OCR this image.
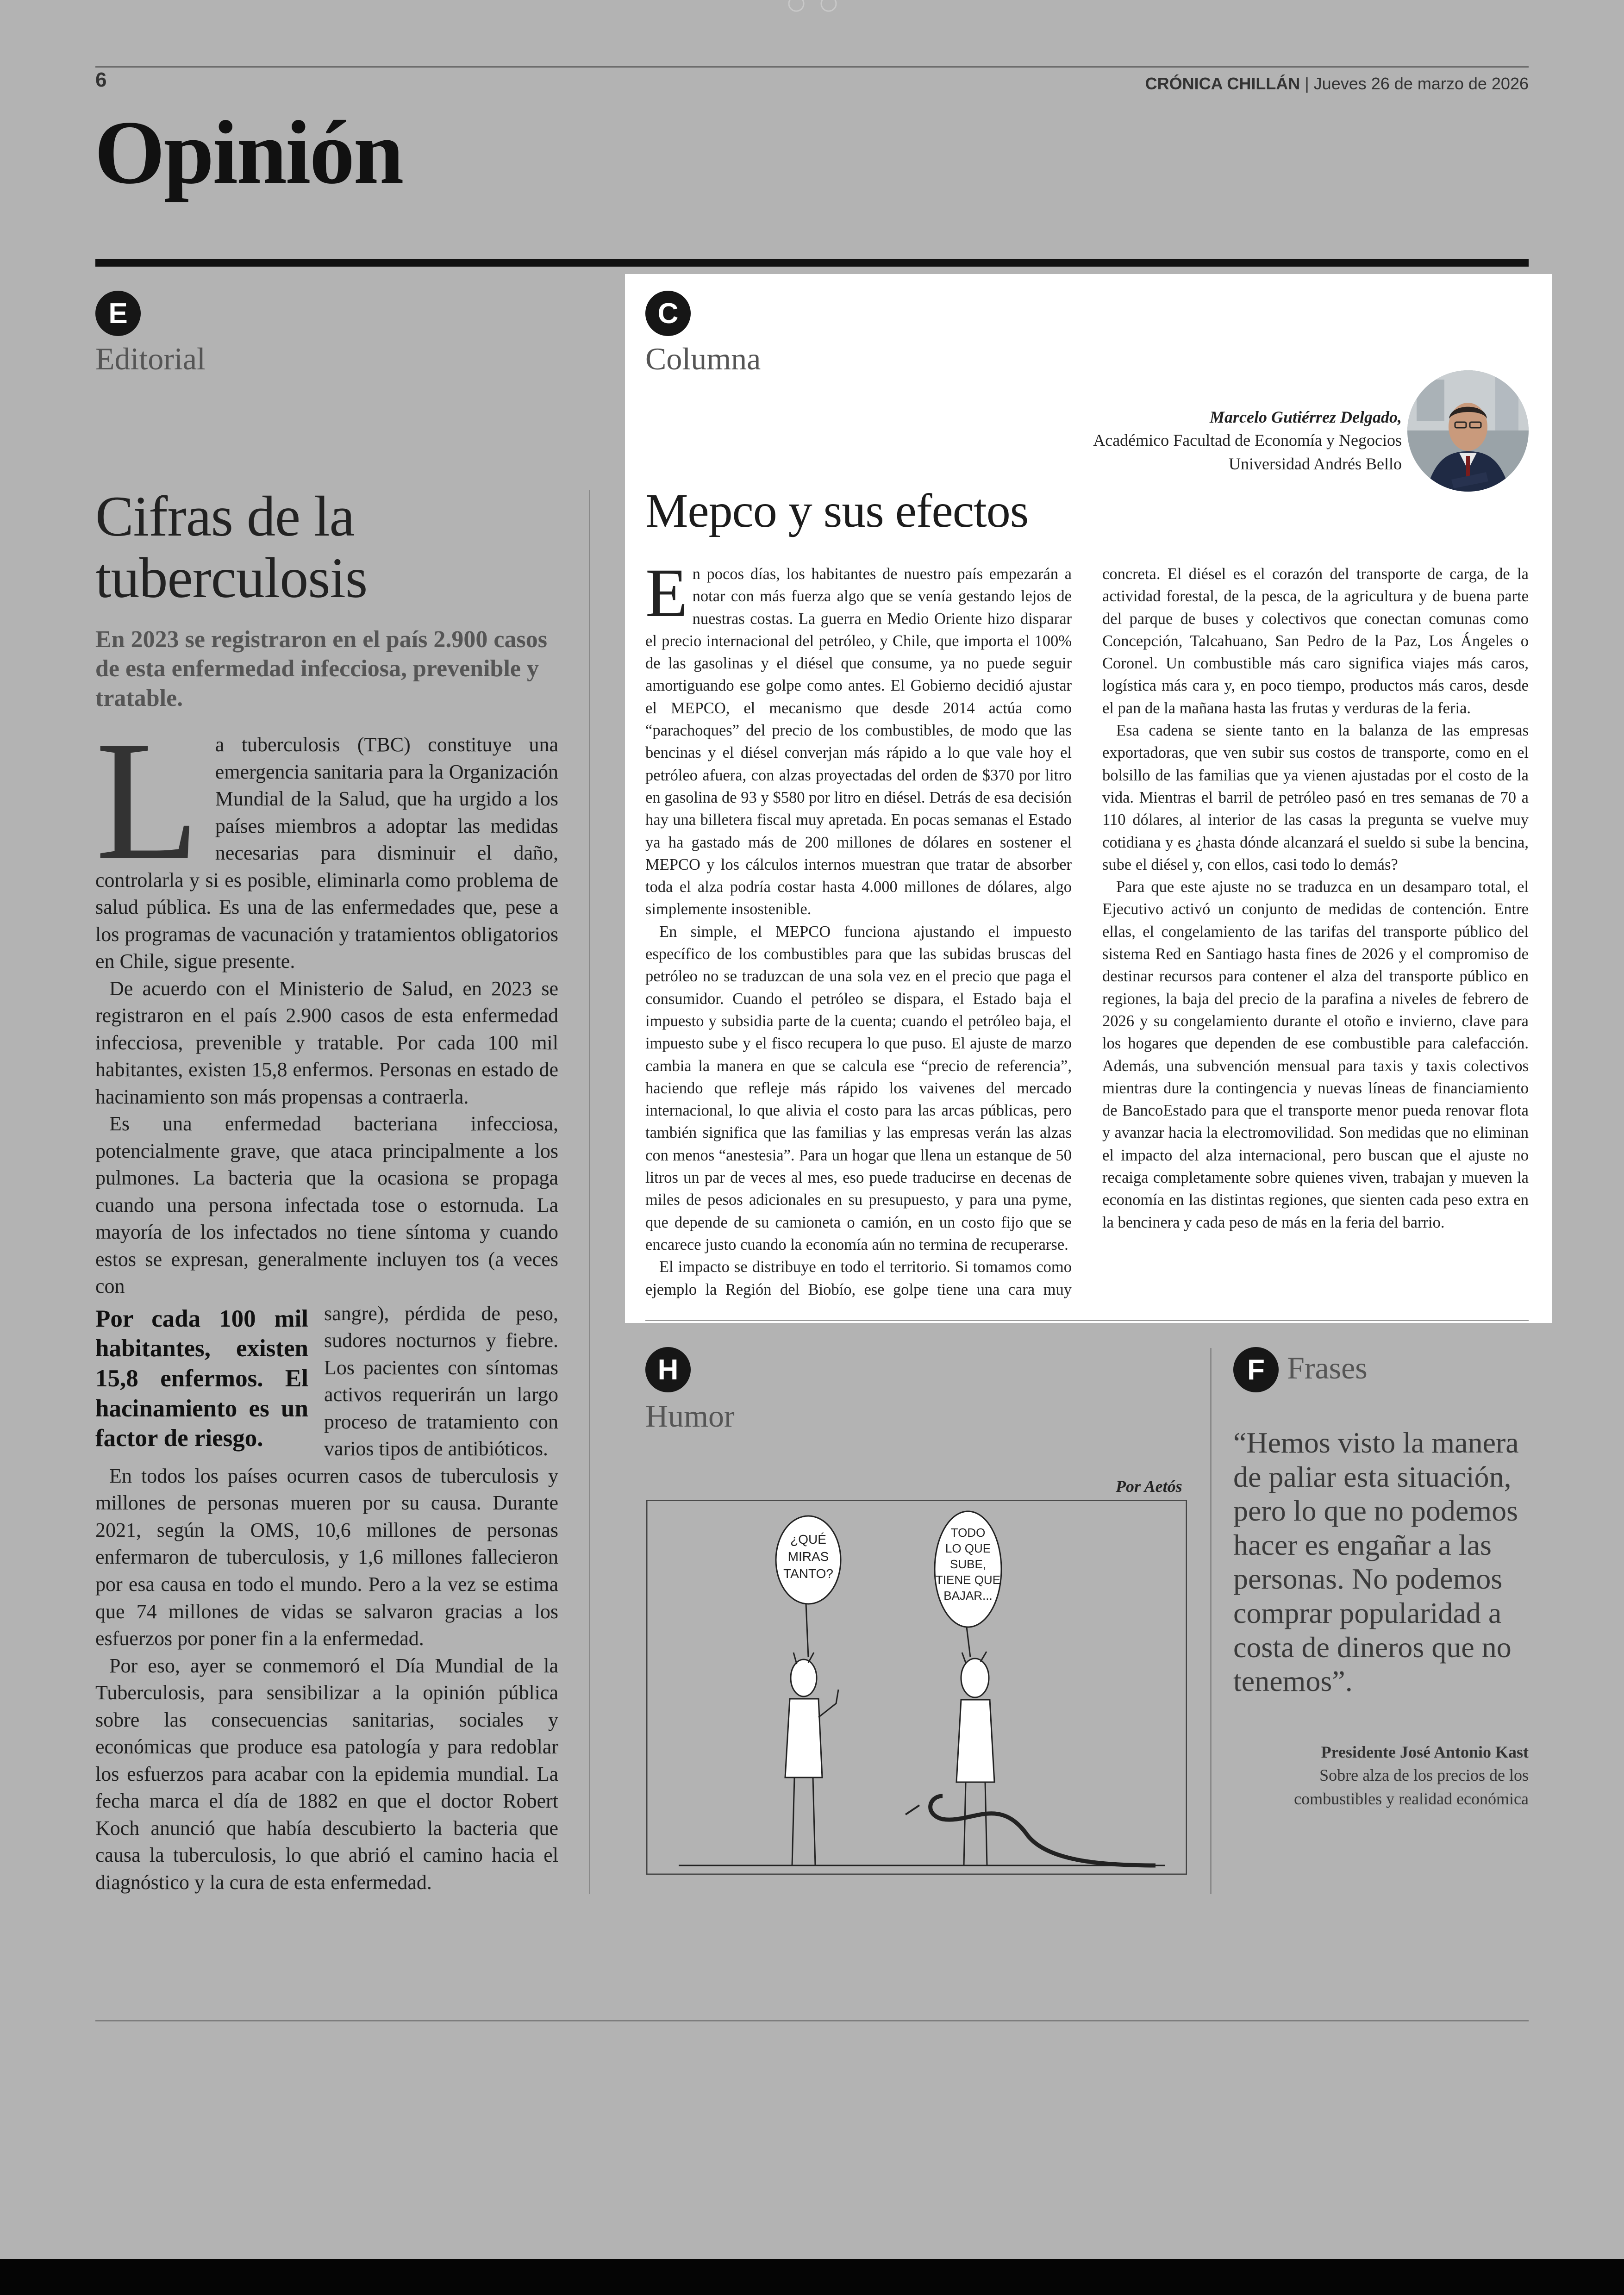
6	CRÓNICA CHILLÁN | Jueves 26 de marzo de 2026
Opinión
E
Editorial
Cifras de la tuberculosis
En 2023 se registraron en el país 2.900 casos de esta enfermedad infecciosa, prevenible y tratable.

La tuberculosis (TBC) constituye una emergencia sanitaria para la Organización Mundial de la Salud, que ha urgido a los países miembros a adoptar las medidas necesarias para disminuir el daño, controlarla y si es posible, eliminarla como problema de salud pública. Es una de las enfermedades que, pese a los programas de vacunación y tratamientos obligatorios en Chile, sigue presente.

De acuerdo con el Ministerio de Salud, en 2023 se registraron en el país 2.900 casos de esta enfermedad infecciosa, prevenible y tratable. Por cada 100 mil habitantes, existen 15,8 enfermos. Personas en estado de hacinamiento son más propensas a contraerla.

Es una enfermedad bacteriana infecciosa, potencialmente grave, que ataca principalmente a los pulmones. La bacteria que la ocasiona se propaga cuando una persona infectada tose o estornuda. La mayoría de los infectados no tiene síntoma y cuando estos se expresan, generalmente incluyen tos (a veces con

Por cada 100 mil habitantes, existen 15,8 enfermos. El hacinamiento es un factor de riesgo.
sangre), pérdida de peso, sudores nocturnos y fiebre. Los pacientes con síntomas activos requerirán un largo proceso de tratamiento con varios tipos de antibióticos.

En todos los países ocurren casos de tuberculosis y millones de personas mueren por su causa. Durante 2021, según la OMS, 10,6 millones de personas enfermaron de tuberculosis, y 1,6 millones fallecieron por esa causa en todo el mundo. Pero a la vez se estima que 74 millones de vidas se salvaron gracias a los esfuerzos por poner fin a la enfermedad.

Por eso, ayer se conmemoró el Día Mundial de la Tuberculosis, para sensibilizar a la opinión pública sobre las consecuencias sanitarias, sociales y económicas que produce esa patología y para redoblar los esfuerzos para acabar con la epidemia mundial. La fecha marca el día de 1882 en que el doctor Robert Koch anunció que había descubierto la bacteria que causa la tuberculosis, lo que abrió el camino hacia el diagnóstico y la cura de esta enfermedad.

C
Columna
Marcelo Gutiérrez Delgado,
Académico Facultad de Economía y Negocios
Universidad Andrés Bello
Mepco y sus efectos

En pocos días, los habitantes de nuestro país empezarán a notar con más fuerza algo que se venía gestando lejos de nuestras costas. La guerra en Medio Oriente hizo disparar el precio internacional del petróleo, y Chile, que importa el 100% de las gasolinas y el diésel que consume, ya no puede seguir amortiguando ese golpe como antes. El Gobierno decidió ajustar el MEPCO, el mecanismo que desde 2014 actúa como “parachoques” del precio de los combustibles, de modo que las bencinas y el diésel converjan más rápido a lo que vale hoy el petróleo afuera, con alzas proyectadas del orden de $370 por litro en gasolina de 93 y $580 por litro en diésel. Detrás de esa decisión hay una billetera fiscal muy apretada. En pocas semanas el Estado ya ha gastado más de 200 millones de dólares en sostener el MEPCO y los cálculos internos muestran que tratar de absorber toda el alza podría costar hasta 4.000 millones de dólares, algo simplemente insostenible.

En simple, el MEPCO funciona ajustando el impuesto específico de los combustibles para que las subidas bruscas del petróleo no se traduzcan de una sola vez en el precio que paga el consumidor. Cuando el petróleo se dispara, el Estado baja el impuesto y subsidia parte de la cuenta; cuando el petróleo baja, el impuesto sube y el fisco recupera lo que puso. El ajuste de marzo cambia la manera en que se calcula ese “precio de referencia”, haciendo que refleje más rápido los vaivenes del mercado internacional, lo que alivia el costo para las arcas públicas, pero también significa que las familias y las empresas verán las alzas con menos “anestesia”. Para un hogar que llena un estanque de 50 litros un par de veces al mes, eso puede traducirse en decenas de miles de pesos adicionales en su presupuesto, y para una pyme, que depende de su camioneta o camión, en un costo fijo que se encarece justo cuando la economía aún no termina de recuperarse.

El impacto se distribuye en todo el territorio. Si tomamos como ejemplo la Región del Biobío, ese golpe tiene una cara muy concreta. El diésel es el corazón del transporte de carga, de la actividad forestal, de la pesca, de la agricultura y de buena parte del parque de buses y colectivos que conectan comunas como Concepción, Talcahuano, San Pedro de la Paz, Los Ángeles o Coronel. Un combustible más caro significa viajes más caros, logística más cara y, en poco tiempo, productos más caros, desde el pan de la mañana hasta las frutas y verduras de la feria.

Esa cadena se siente tanto en la balanza de las empresas exportadoras, que ven subir sus costos de transporte, como en el bolsillo de las familias que ya vienen ajustadas por el costo de la vida. Mientras el barril de petróleo pasó en tres semanas de 70 a 110 dólares, al interior de las casas la pregunta se vuelve muy cotidiana y es ¿hasta dónde alcanzará el sueldo si sube la bencina, sube el diésel y, con ellos, casi todo lo demás?

Para que este ajuste no se traduzca en un desamparo total, el Ejecutivo activó un conjunto de medidas de contención. Entre ellas, el congelamiento de las tarifas del transporte público del sistema Red en Santiago hasta fines de 2026 y el compromiso de destinar recursos para contener el alza del transporte público en regiones, la baja del precio de la parafina a niveles de febrero de 2026 y su congelamiento durante el otoño e invierno, clave para los hogares que dependen de ese combustible para calefacción. Además, una subvención mensual para taxis y taxis colectivos mientras dure la contingencia y nuevas líneas de financiamiento de BancoEstado para que el transporte menor pueda renovar flota y avanzar hacia la electromovilidad. Son medidas que no eliminan el impacto del alza internacional, pero buscan que el ajuste no recaiga completamente sobre quienes viven, trabajan y mueven la economía en las distintas regiones, que sienten cada peso extra en la bencinera y cada peso de más en la feria del barrio.

H
Humor
Por Aetós
¿QUÉ
MIRAS
TANTO?
TODO
LO QUE
SUBE,
TIENE QUE
BAJAR...
F Frases
“Hemos visto la manera de paliar esta situación, pero lo que no podemos hacer es engañar a las personas. No podemos comprar popularidad a costa de dineros que no tenemos”.
Presidente José Antonio Kast
Sobre alza de los precios de los
combustibles y realidad económica
